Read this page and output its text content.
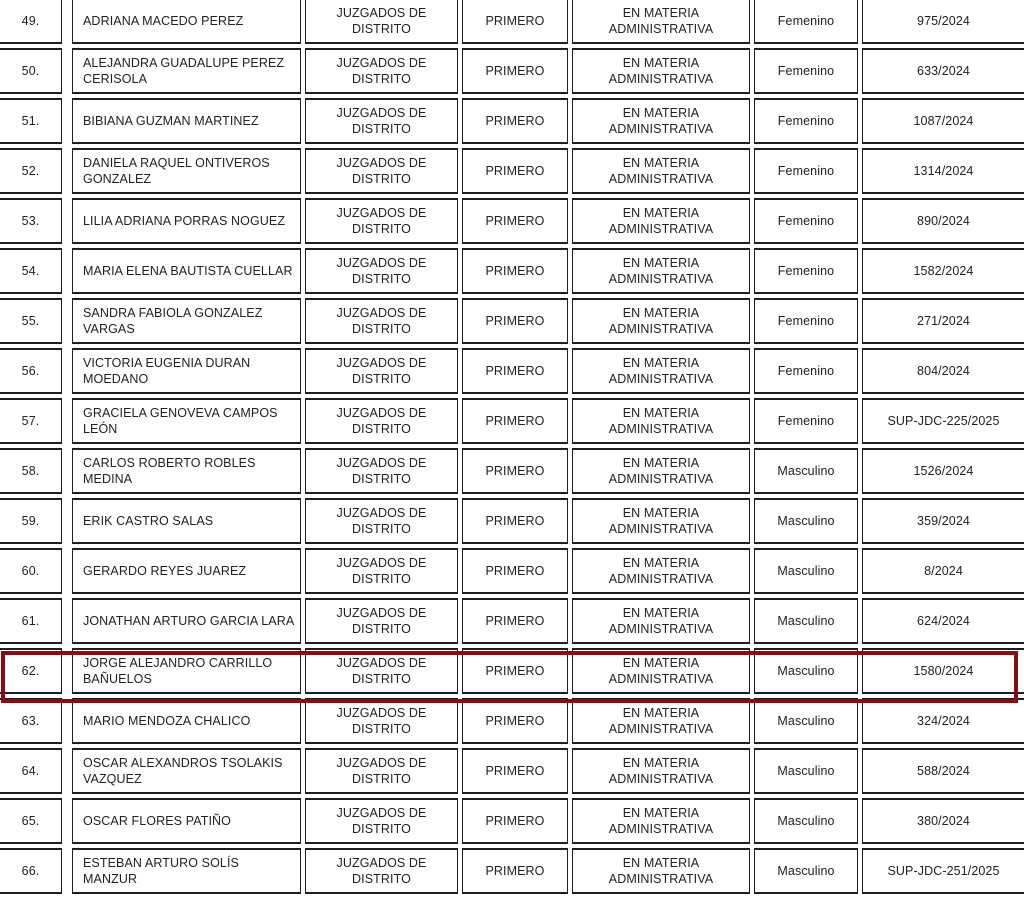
49.	ADRIANA MACEDO PEREZ
JUZGADOS DE DISTRITO
PRIMERO
EN MATERIA ADMINISTRATIVA
Femenino	975/2024
50.
ALEJANDRA GUADALUPE PEREZ CERISOLA
JUZGADOS DE DISTRITO
PRIMERO
EN MATERIA ADMINISTRATIVA
Femenino	633/2024
51.	BIBIANA GUZMAN MARTINEZ
JUZGADOS DE DISTRITO
PRIMERO
EN MATERIA ADMINISTRATIVA
Femenino	1087/2024
52.
DANIELA RAQUEL ONTIVEROS GONZALEZ
JUZGADOS DE DISTRITO
PRIMERO
EN MATERIA ADMINISTRATIVA
Femenino	1314/2024
53.	LILIA ADRIANA PORRAS NOGUEZ
JUZGADOS DE DISTRITO
PRIMERO
EN MATERIA ADMINISTRATIVA
Femenino	890/2024
54.	MARIA ELENA BAUTISTA CUELLAR
JUZGADOS DE DISTRITO
PRIMERO
EN MATERIA ADMINISTRATIVA
Femenino	1582/2024
55.
SANDRA FABIOLA GONZALEZ VARGAS
JUZGADOS DE DISTRITO
PRIMERO
EN MATERIA ADMINISTRATIVA
Femenino	271/2024
56.
VICTORIA EUGENIA DURAN MOEDANO
JUZGADOS DE DISTRITO
PRIMERO
EN MATERIA ADMINISTRATIVA
Femenino	804/2024
57.
GRACIELA GENOVEVA CAMPOS LEÓN
JUZGADOS DE DISTRITO
PRIMERO
EN MATERIA ADMINISTRATIVA
Femenino	SUP-JDC-225/2025
58.
CARLOS ROBERTO ROBLES MEDINA
JUZGADOS DE DISTRITO
PRIMERO
EN MATERIA ADMINISTRATIVA
Masculino	1526/2024
59.	ERIK CASTRO SALAS
JUZGADOS DE DISTRITO
PRIMERO
EN MATERIA ADMINISTRATIVA
Masculino	359/2024
60.	GERARDO REYES JUAREZ
JUZGADOS DE DISTRITO
PRIMERO
EN MATERIA ADMINISTRATIVA
Masculino	8/2024
61.	JONATHAN ARTURO GARCIA LARA
JUZGADOS DE DISTRITO
PRIMERO
EN MATERIA ADMINISTRATIVA
Masculino	624/2024
62.
JORGE ALEJANDRO CARRILLO BAÑUELOS
JUZGADOS DE DISTRITO
PRIMERO
EN MATERIA ADMINISTRATIVA
Masculino	1580/2024
63.	MARIO MENDOZA CHALICO
JUZGADOS DE DISTRITO
PRIMERO
EN MATERIA ADMINISTRATIVA
Masculino	324/2024
64.
OSCAR ALEXANDROS TSOLAKIS VAZQUEZ
JUZGADOS DE DISTRITO
PRIMERO
EN MATERIA ADMINISTRATIVA
Masculino	588/2024
65.	OSCAR FLORES PATIÑO
JUZGADOS DE DISTRITO
PRIMERO
EN MATERIA ADMINISTRATIVA
Masculino	380/2024
66.
ESTEBAN ARTURO SOLÍS MANZUR
JUZGADOS DE DISTRITO
PRIMERO
EN MATERIA ADMINISTRATIVA
Masculino	SUP-JDC-251/2025
